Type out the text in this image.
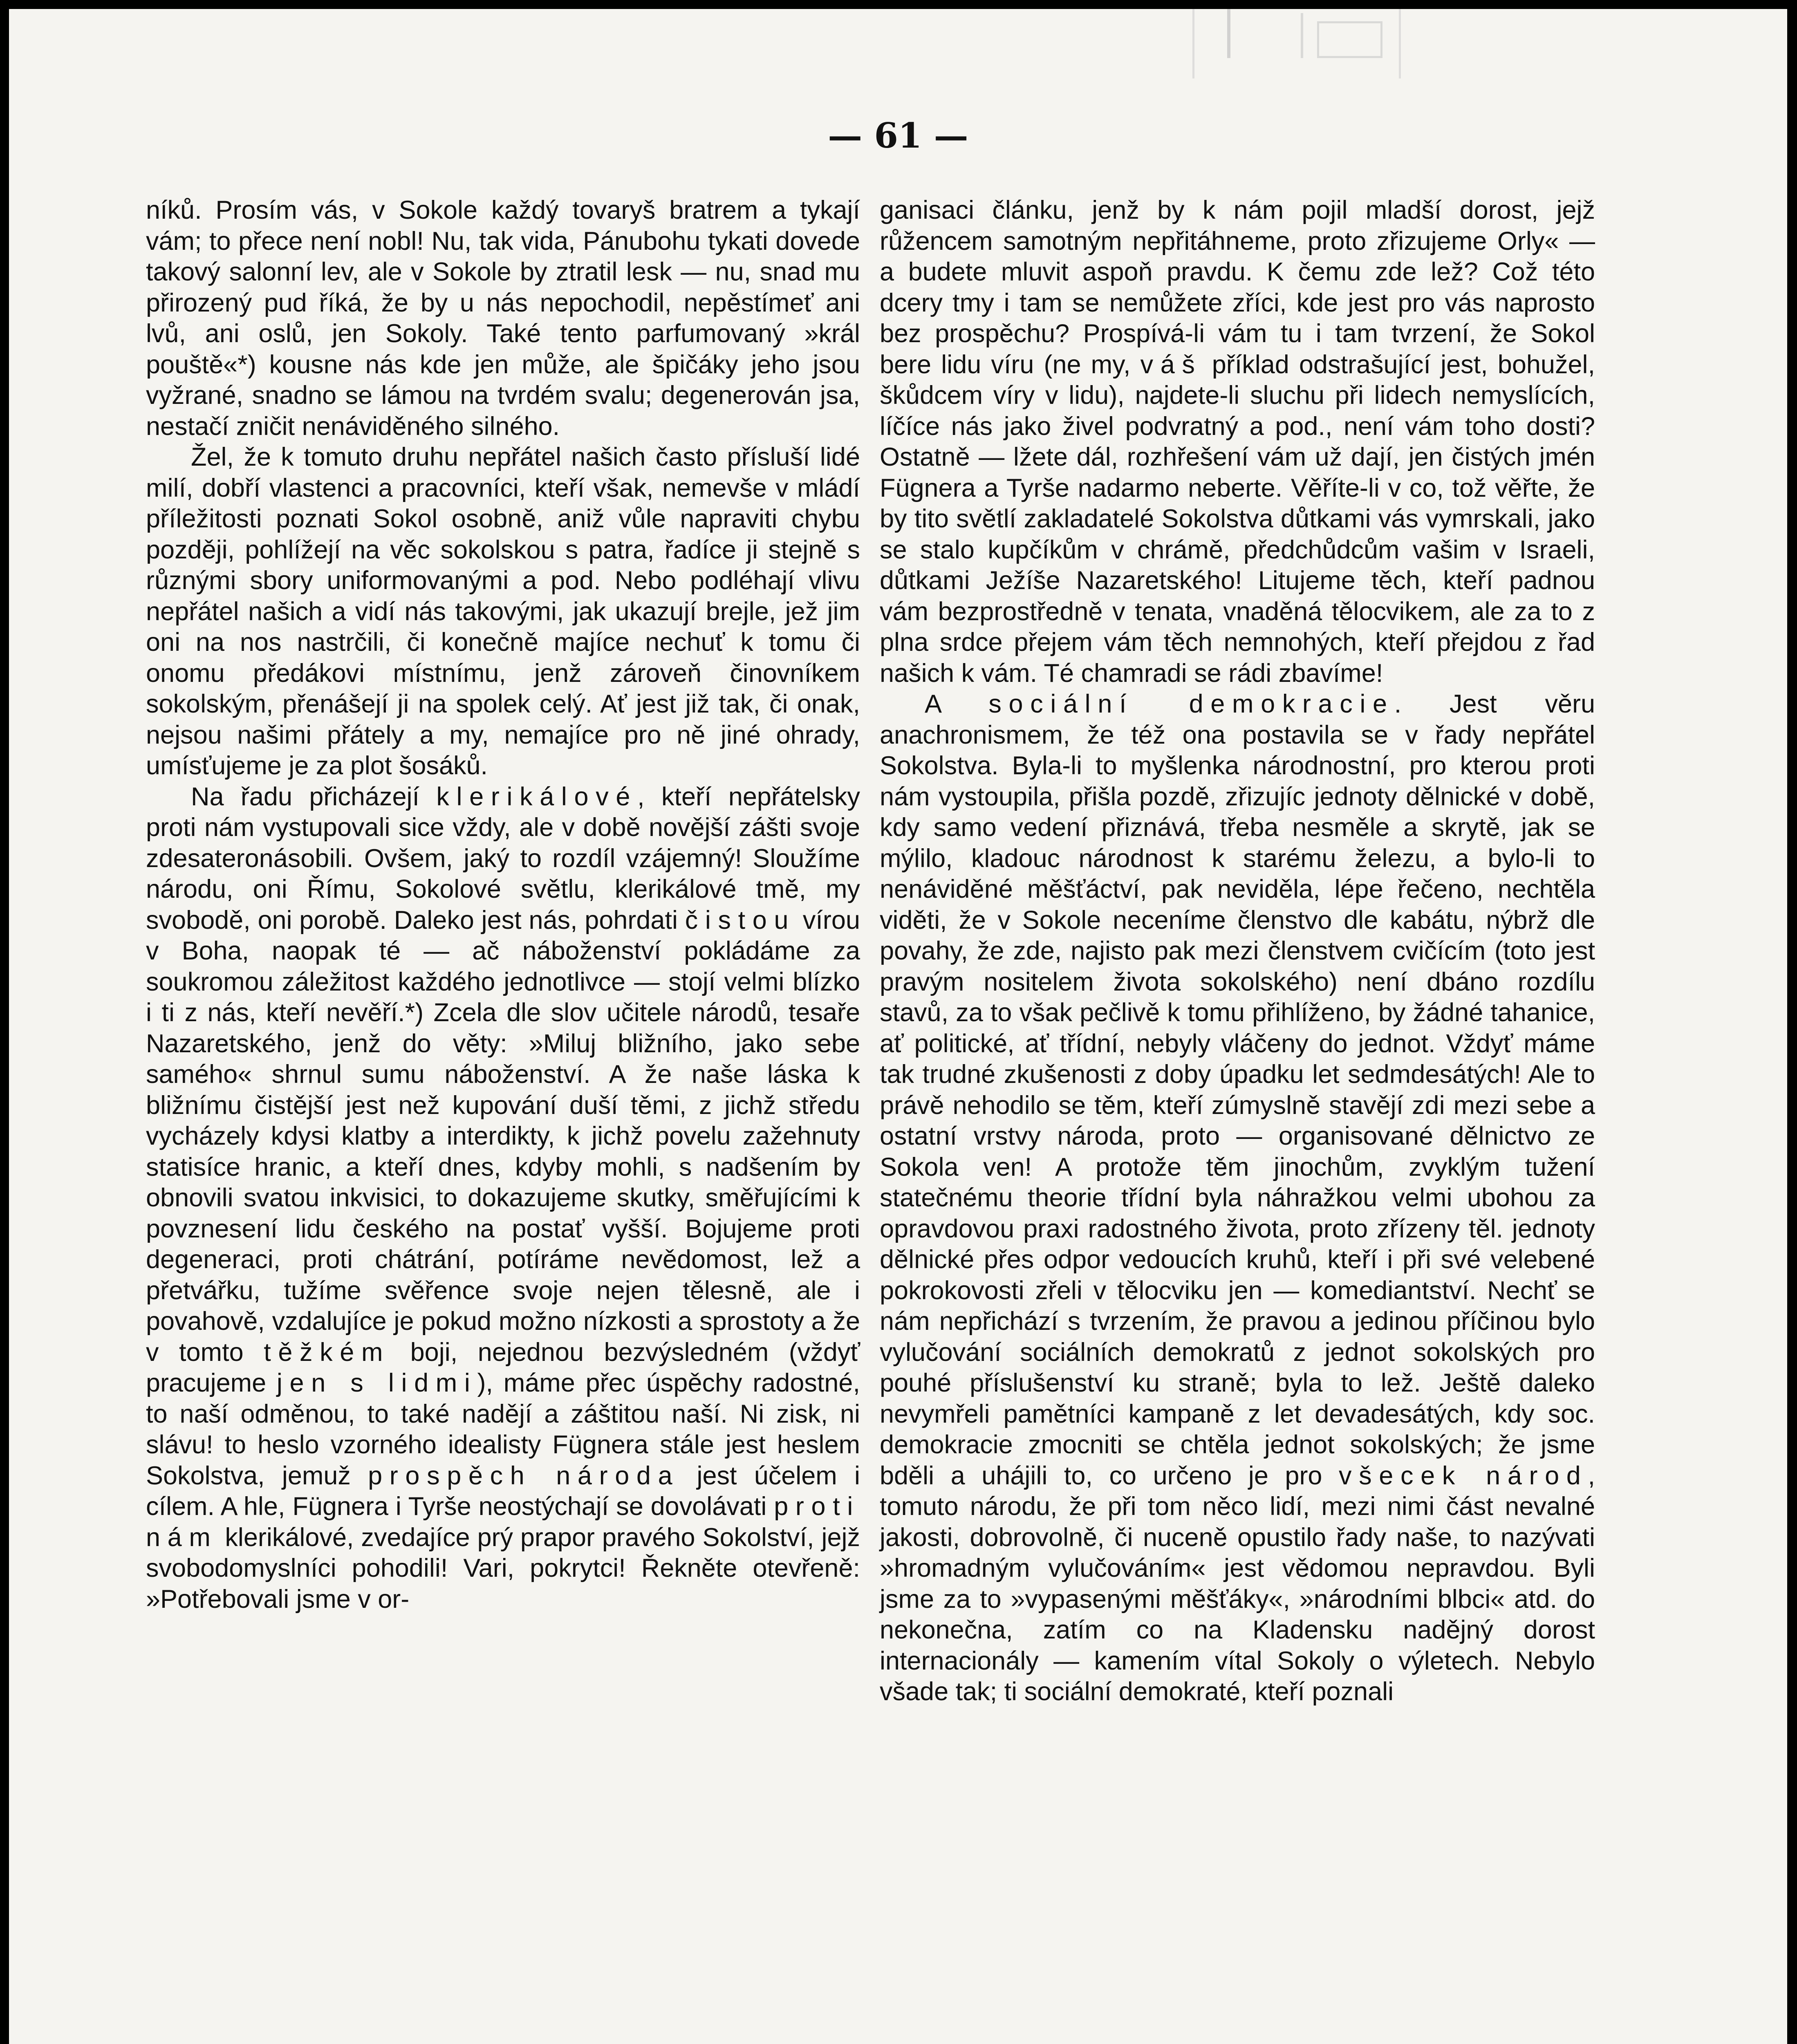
— 61 —

níků. Prosím vás, v Sokole každý tovaryš bratrem a tykají vám; to přece není nobl! Nu, tak vida, Pánubohu tykati dovede takový salonní lev, ale v Sokole by ztratil lesk — nu, snad mu přirozený pud říká, že by u nás nepochodil, nepěstímeť ani lvů, ani oslů, jen Sokoly. Také tento parfumovaný »král pouště«*) kousne nás kde jen může, ale špičáky jeho jsou vyžrané, snadno se lámou na tvrdém svalu; degenerován jsa, nestačí zničit nenáviděného silného.

Žel, že k tomuto druhu nepřátel našich často přísluší lidé milí, dobří vlastenci a pracovníci, kteří však, nemevše v mládí příležitosti poznati Sokol osobně, aniž vůle napraviti chybu později, pohlížejí na věc sokolskou s patra, řadíce ji stejně s různými sbory uniformovanými a pod. Nebo podléhají vlivu nepřátel našich a vidí nás takovými, jak ukazují brejle, jež jim oni na nos nastrčili, či konečně majíce nechuť k tomu či onomu předákovi místnímu, jenž zároveň činovníkem sokolským, přenášejí ji na spolek celý. Ať jest již tak, či onak, nejsou našimi přátely a my, nemajíce pro ně jiné ohrady, umísťujeme je za plot šosáků.

Na řadu přicházejí klerikálové, kteří nepřátelsky proti nám vystupovali sice vždy, ale v době novější zášti svoje zdesateronásobili. Ovšem, jaký to rozdíl vzájemný! Sloužíme národu, oni Římu, Sokolové světlu, klerikálové tmě, my svobodě, oni porobě. Daleko jest nás, pohrdati čistou vírou v Boha, naopak té — ač náboženství pokládáme za soukromou záležitost každého jednotlivce — stojí velmi blízko i ti z nás, kteří nevěří.*) Zcela dle slov učitele národů, tesaře Nazaretského, jenž do věty: »Miluj bližního, jako sebe samého« shrnul sumu náboženství. A že naše láska k bližnímu čistější jest než kupování duší těmi, z jichž středu vycházely kdysi klatby a interdikty, k jichž povelu zažehnuty statisíce hranic, a kteří dnes, kdyby mohli, s nadšením by obnovili svatou inkvisici, to dokazujeme skutky, směřujícími k povznesení lidu českého na postať vyšší. Bojujeme proti degeneraci, proti chátrání, potíráme nevědomost, lež a přetvářku, tužíme svěřence svoje nejen tělesně, ale i povahově, vzdalujíce je pokud možno nízkosti a sprostoty a že v tomto těžkém boji, nejednou bezvýsledném (vždyť pracujeme jen s lidmi), máme přec úspěchy radostné, to naší odměnou, to také nadějí a záštitou naší. Ni zisk, ni slávu! to heslo vzorného idealisty Fügnera stále jest heslem Sokolstva, jemuž prospěch národa jest účelem i cílem. A hle, Fügnera i Tyrše neostýchají se dovolávati proti nám klerikálové, zvedajíce prý prapor pravého Sokolství, jejž svobodomyslníci pohodili! Vari, pokrytci! Řekněte otevřeně: »Potřebovali jsme v or-

ganisaci článku, jenž by k nám pojil mladší dorost, jejž růžencem samotným nepřitáhneme, proto zřizujeme Orly« — a budete mluvit aspoň pravdu. K čemu zde lež? Což této dcery tmy i tam se nemůžete zříci, kde jest pro vás naprosto bez prospěchu? Prospívá-li vám tu i tam tvrzení, že Sokol bere lidu víru (ne my, váš příklad odstrašující jest, bohužel, škůdcem víry v lidu), najdete-li sluchu při lidech nemyslících, líčíce nás jako živel podvratný a pod., není vám toho dosti? Ostatně — lžete dál, rozhřešení vám už dají, jen čistých jmén Fügnera a Tyrše nadarmo neberte. Věříte-li v co, tož věřte, že by tito světlí zakladatelé Sokolstva důtkami vás vymrskali, jako se stalo kupčíkům v chrámě, předchůdcům vašim v Israeli, důtkami Ježíše Nazaretského! Litujeme těch, kteří padnou vám bezprostředně v tenata, vnaděná tělocvikem, ale za to z plna srdce přejem vám těch nemnohých, kteří přejdou z řad našich k vám. Té chamradi se rádi zbavíme!

A sociální demokracie. Jest věru anachronismem, že též ona postavila se v řady nepřátel Sokolstva. Byla-li to myšlenka národnostní, pro kterou proti nám vystoupila, přišla pozdě, zřizujíc jednoty dělnické v době, kdy samo vedení přiznává, třeba nesměle a skrytě, jak se mýlilo, kladouc národnost k starému železu, a bylo-li to nenáviděné měšťáctví, pak neviděla, lépe řečeno, nechtěla viděti, že v Sokole neceníme členstvo dle kabátu, nýbrž dle povahy, že zde, najisto pak mezi členstvem cvičícím (toto jest pravým nositelem života sokolského) není dbáno rozdílu stavů, za to však pečlivě k tomu přihlíženo, by žádné tahanice, ať politické, ať třídní, nebyly vláčeny do jednot. Vždyť máme tak trudné zkušenosti z doby úpadku let sedmdesátých! Ale to právě nehodilo se těm, kteří zúmyslně stavějí zdi mezi sebe a ostatní vrstvy národa, proto — organisované dělnictvo ze Sokola ven! A protože těm jinochům, zvyklým tužení statečnému theorie třídní byla náhražkou velmi ubohou za opravdovou praxi radostného života, proto zřízeny těl. jednoty dělnické přes odpor vedoucích kruhů, kteří i při své velebené pokrokovosti zřeli v tělocviku jen — komediantství. Nechť se nám nepřichází s tvrzením, že pravou a jedinou příčinou bylo vylučování sociálních demokratů z jednot sokolských pro pouhé příslušenství ku straně; byla to lež. Ještě daleko nevymřeli pamětníci kampaně z let devadesátých, kdy soc. demokracie zmocniti se chtěla jednot sokolských; že jsme bděli a uhájili to, co určeno je pro všecek národ, tomuto národu, že při tom něco lidí, mezi nimi část nevalné jakosti, dobrovolně, či nuceně opustilo řady naše, to nazývati »hromadným vylučováním« jest vědomou nepravdou. Byli jsme za to »vypasenými měšťáky«, »národními blbci« atd. do nekonečna, zatím co na Kladensku nadějný dorost internacionály — kamením vítal Sokoly o výletech. Nebylo všade tak; ti sociální demokraté, kteří poznali
